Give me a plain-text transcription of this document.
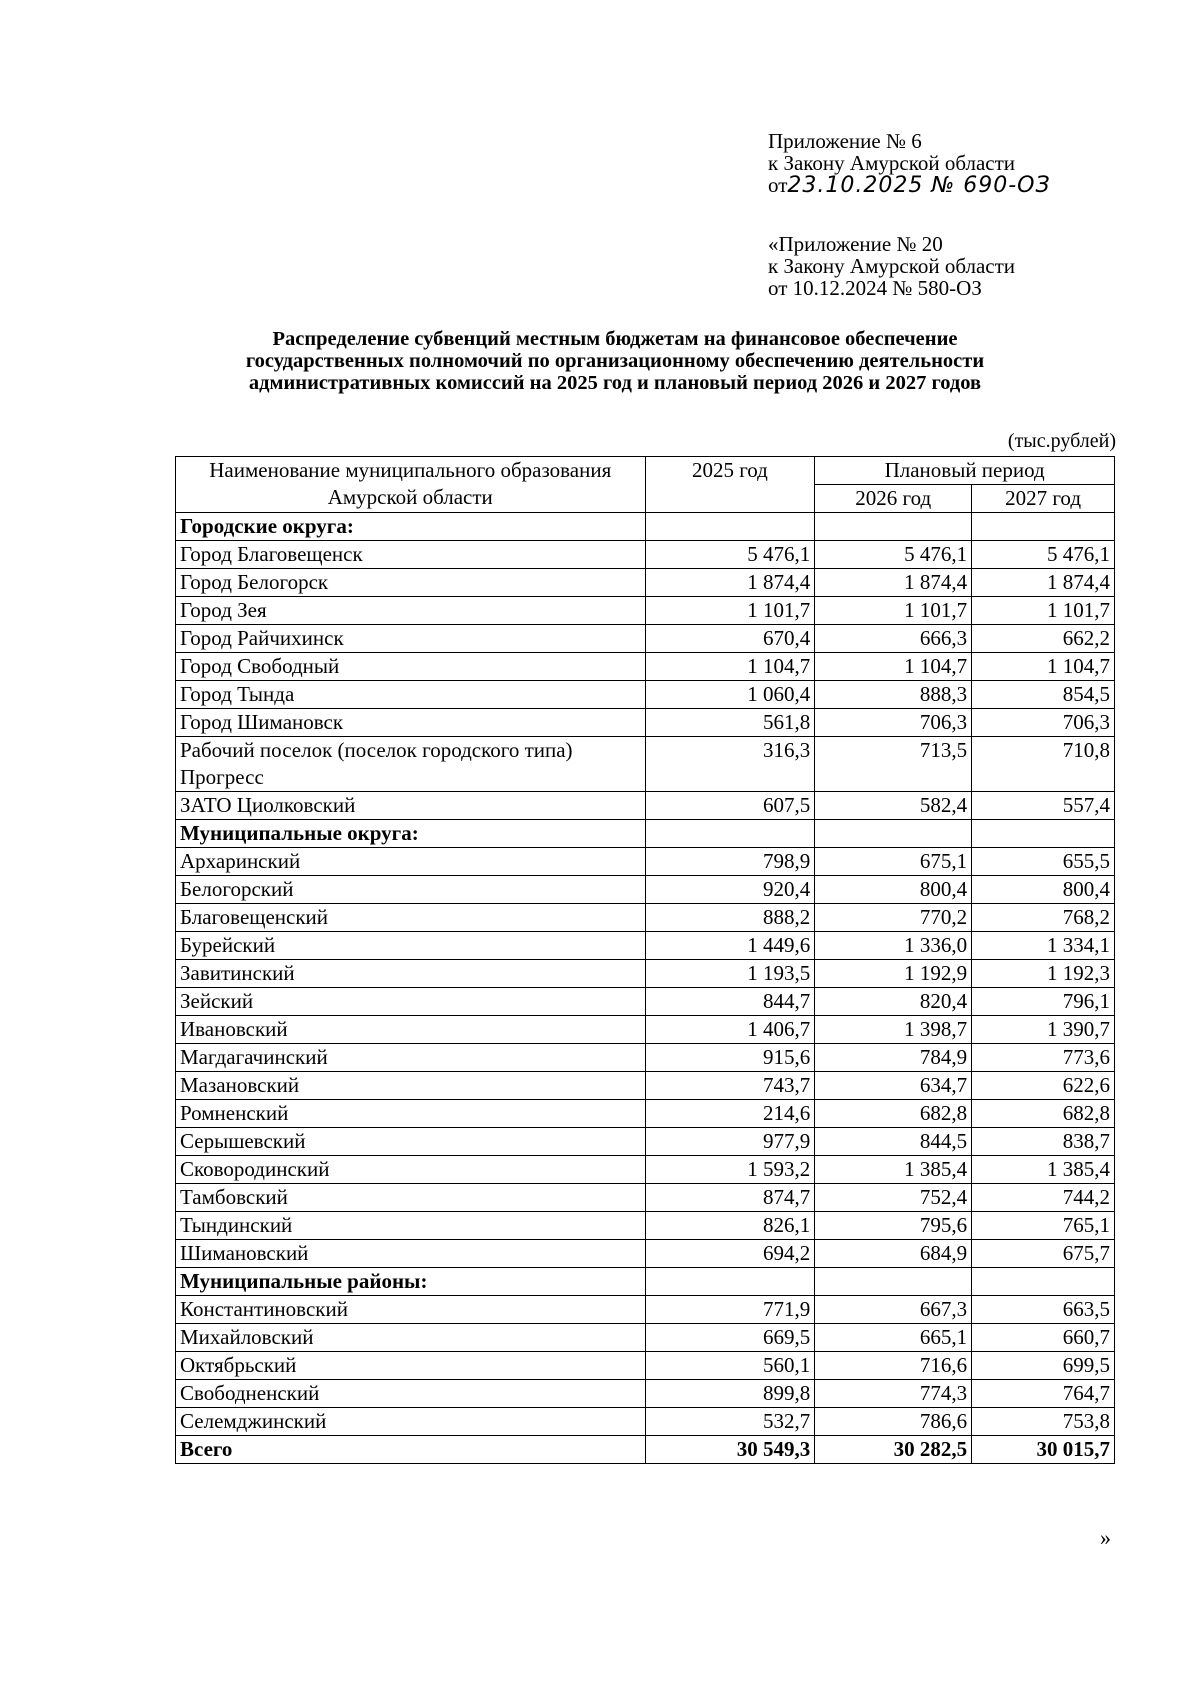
Приложение № 6
к Закону Амурской области
от23.10.2025 № 690-ОЗ
«Приложение № 20
к Закону Амурской области
от 10.12.2024 № 580-ОЗ
Распределение субвенций местным бюджетам на финансовое обеспечение
государственных полномочий по организационному обеспечению деятельности
административных комиссий на 2025 год и плановый период 2026 и 2027 годов
(тыс.рублей)
Наименование муниципального образования Амурской области	2025 год	Плановый период	
		2026 год	2027 год
Городские округа:			
Город Благовещенск	5 476,1	5 476,1	5 476,1
Город Белогорск	1 874,4	1 874,4	1 874,4
Город Зея	1 101,7	1 101,7	1 101,7
Город Райчихинск	670,4	666,3	662,2
Город Свободный	1 104,7	1 104,7	1 104,7
Город Тында	1 060,4	888,3	854,5
Город Шимановск	561,8	706,3	706,3
Рабочий поселок (поселок городского типа) Прогресс	316,3	713,5	710,8
ЗАТО Циолковский	607,5	582,4	557,4
Муниципальные округа:			
Архаринский	798,9	675,1	655,5
Белогорский	920,4	800,4	800,4
Благовещенский	888,2	770,2	768,2
Бурейский	1 449,6	1 336,0	1 334,1
Завитинский	1 193,5	1 192,9	1 192,3
Зейский	844,7	820,4	796,1
Ивановский	1 406,7	1 398,7	1 390,7
Магдагачинский	915,6	784,9	773,6
Мазановский	743,7	634,7	622,6
Ромненский	214,6	682,8	682,8
Серышевский	977,9	844,5	838,7
Сковородинский	1 593,2	1 385,4	1 385,4
Тамбовский	874,7	752,4	744,2
Тындинский	826,1	795,6	765,1
Шимановский	694,2	684,9	675,7
Муниципальные районы:			
Константиновский	771,9	667,3	663,5
Михайловский	669,5	665,1	660,7
Октябрьский	560,1	716,6	699,5
Свободненский	899,8	774,3	764,7
Селемджинский	532,7	786,6	753,8
Всего	30 549,3	30 282,5	30 015,7
»
